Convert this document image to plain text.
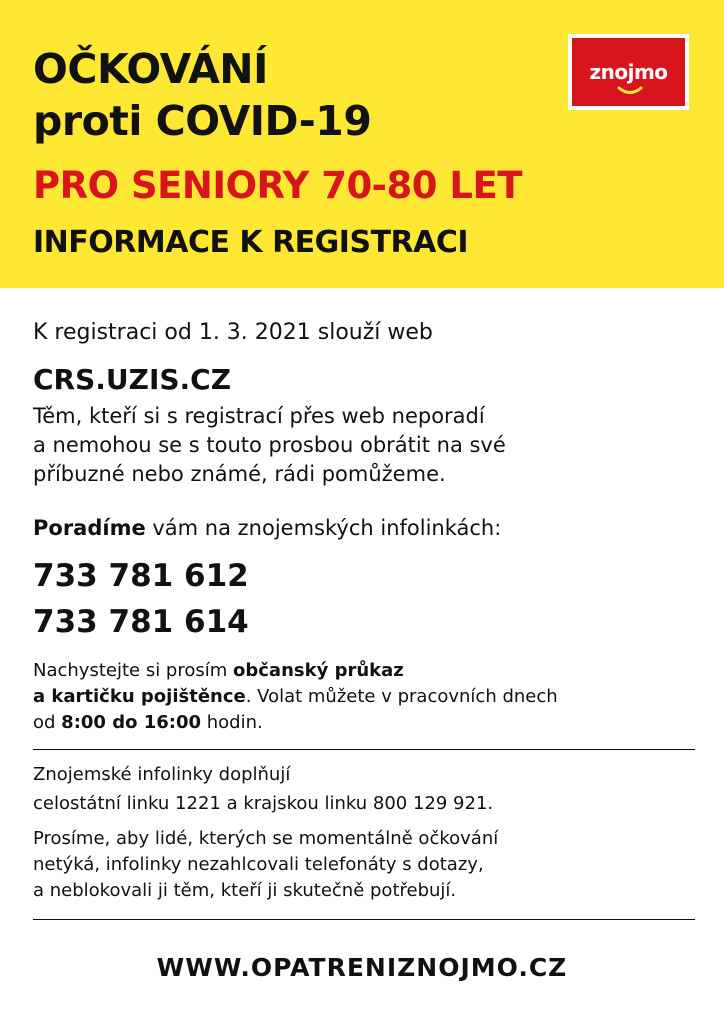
OČKOVÁNÍ
proti COVID-19
PRO SENIORY 70-80 LET
INFORMACE K REGISTRACI
znojmo

K registraci od 1. 3. 2021 slouží web

CRS.UZIS.CZ

Těm, kteří si s registrací přes web neporadí
a nemohou se s touto prosbou obrátit na své
příbuzné nebo známé, rádi pomůžeme.

Poradíme vám na znojemských infolinkách:

733 781 612

733 781 614

Nachystejte si prosím občanský průkaz
a kartičku pojištěnce. Volat můžete v pracovních dnech
od 8:00 do 16:00 hodin.
Znojemské infolinky doplňují
celostátní linku 1221 a krajskou linku 800 129 921.
Prosíme, aby lidé, kterých se momentálně očkování
netýká, infolinky nezahlcovali telefonáty s dotazy,
a neblokovali ji těm, kteří ji skutečně potřebují.
WWW.OPATRENIZNOJMO.CZ
